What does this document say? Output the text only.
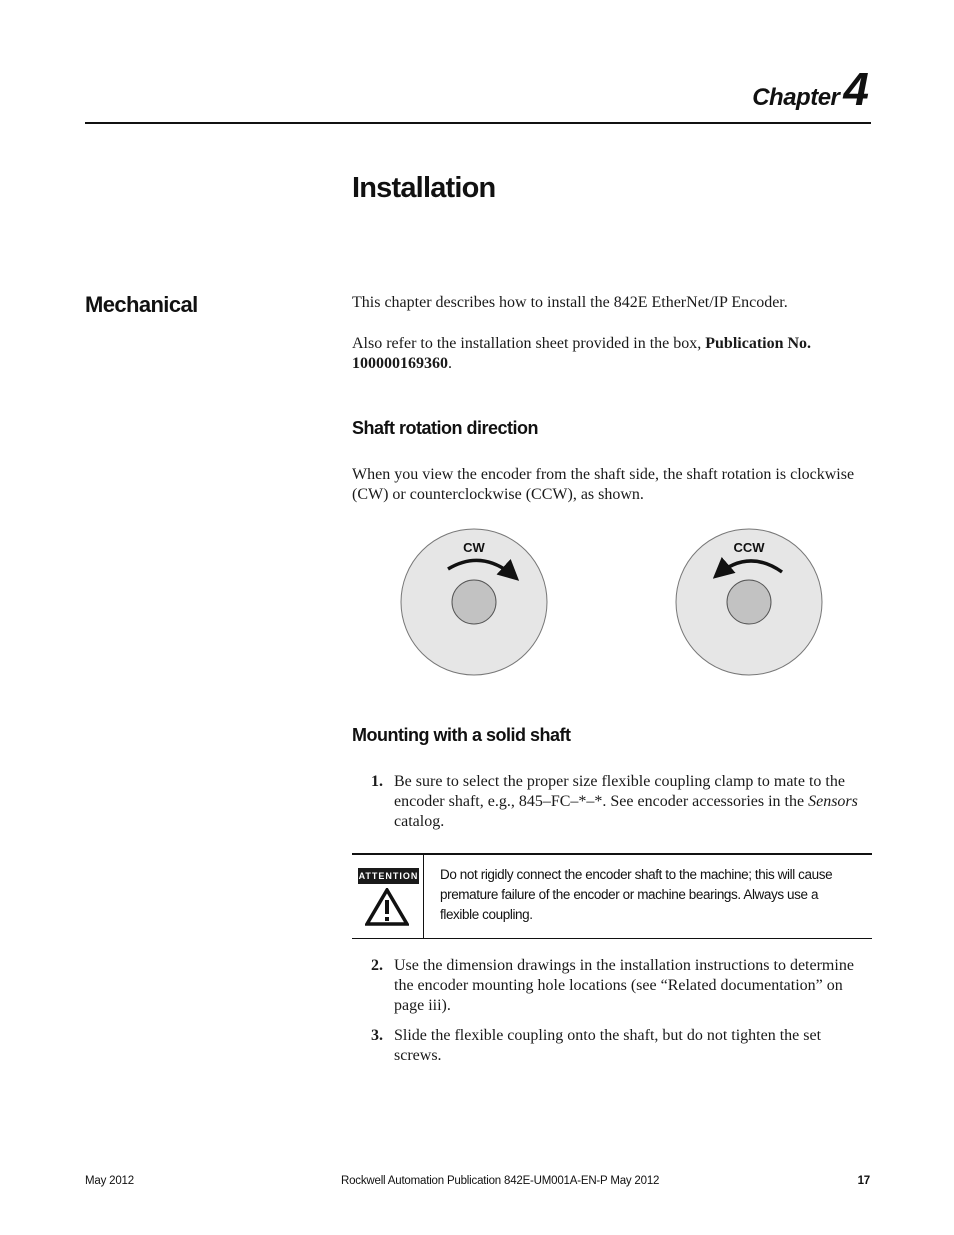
Chapter4
Installation
Mechanical	This chapter describes how to install the 842E EtherNet/IP Encoder.

Also refer to the installation sheet provided in the box, Publication No. 100000169360.

Shaft rotation direction

When you view the encoder from the shaft side, the shaft rotation is clockwise (CW) or counterclockwise (CCW), as shown.

CW	CCW
Mounting with a solid shaft
1. Be sure to select the proper size flexible coupling clamp to mate to the encoder shaft, e.g., 845–FC–*–*. See encoder accessories in the Sensors catalog.
ATTENTION Do not rigidly connect the encoder shaft to the machine; this will cause premature failure of the encoder or machine bearings. Always use a flexible coupling.
2. Use the dimension drawings in the installation instructions to determine the encoder mounting hole locations (see “Related documentation” on page iii).
3. Slide the flexible coupling onto the shaft, but do not tighten the set screws.
May 2012	Rockwell Automation Publication 842E-UM001A-EN-P May 2012	17
